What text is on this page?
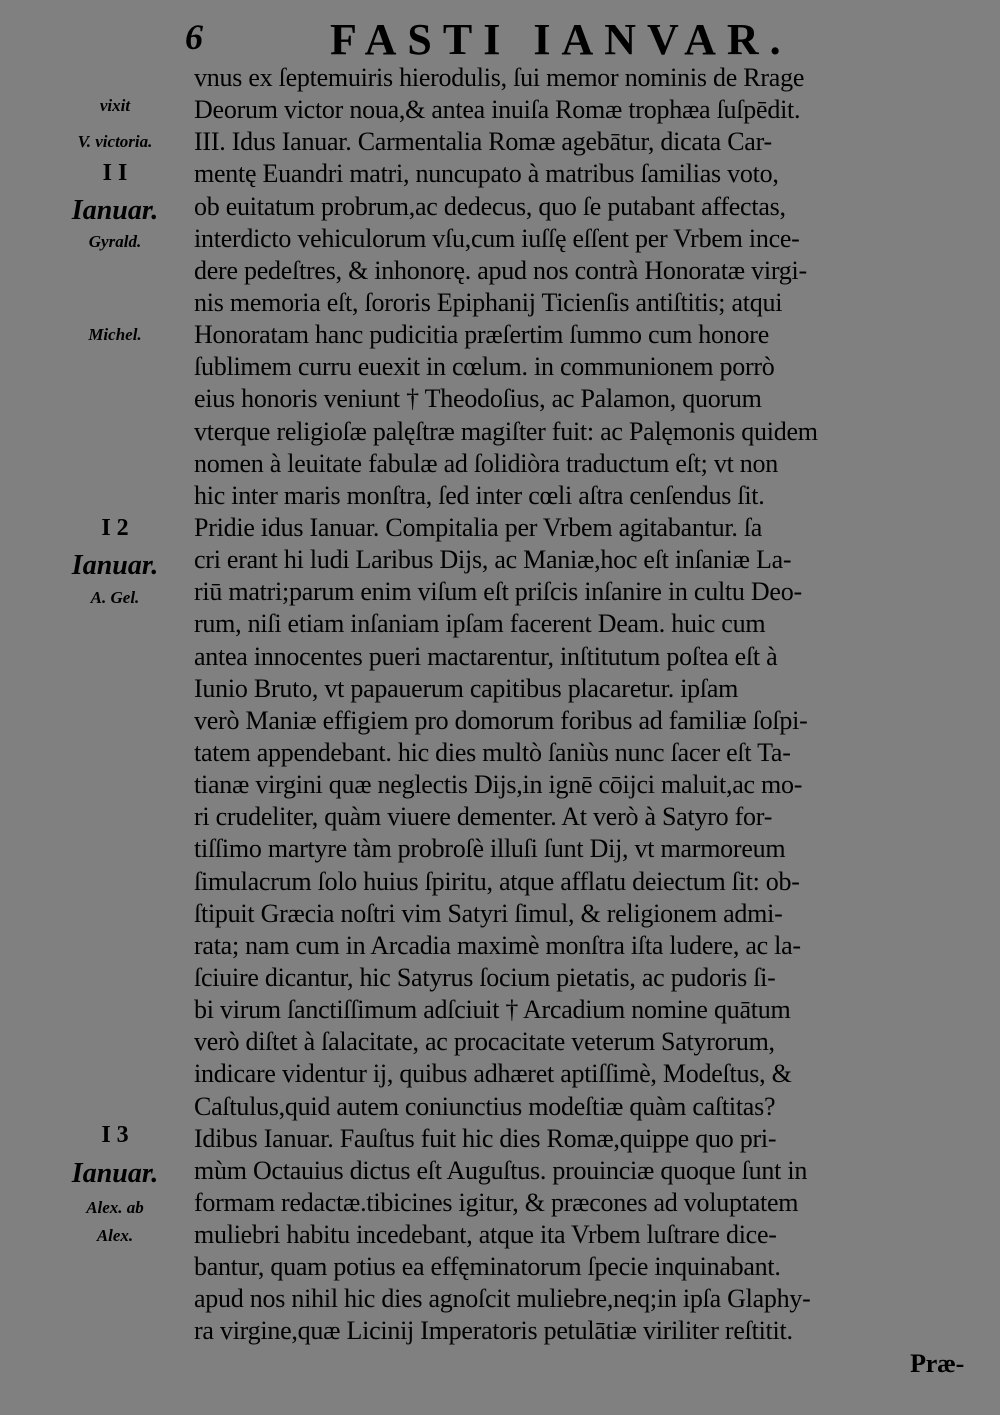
6	FASTI IANVAR.
vixit
V. victoria.
I I
Ianuar.
Gyrald.
Michel.
I 2
Ianuar.
A. Gel.
I 3
Ianuar.
Alex. ab
Alex.
vnus ex ſeptemuiris hierodulis, ſui memor nominis de Rrage
Deorum victor noua,& antea inuiſa Romæ trophæa ſuſpēdit.
III. Idus Ianuar. Carmentalia Romæ agebātur, dicata Car-
mentę Euandri matri, nuncupato à matribus ſamilias voto,
ob euitatum probrum,ac dedecus, quo ſe putabant affectas,
interdicto vehiculorum vſu,cum iuſſę eſſent per Vrbem ince-
dere pedeſtres, & inhonorę. apud nos contrà Honoratæ virgi-
nis memoria eſt, ſororis Epiphanij Ticienſis antiſtitis; atqui
Honoratam hanc pudicitia præſertim ſummo cum honore
ſublimem curru euexit in cœlum. in communionem porrò
eius honoris veniunt † Theodoſius, ac Palamon, quorum
vterque religioſæ palęſtræ magiſter fuit: ac Palęmonis quidem
nomen à leuitate fabulæ ad ſolidiòra traductum eſt; vt non
hic inter maris monſtra, ſed inter cœli aſtra cenſendus ſit.
Pridie idus Ianuar. Compitalia per Vrbem agitabantur. ſa
cri erant hi ludi Laribus Dijs, ac Maniæ,hoc eſt inſaniæ La-
riū matri;parum enim viſum eſt priſcis inſanire in cultu Deo-
rum, niſi etiam inſaniam ipſam facerent Deam. huic cum
antea innocentes pueri mactarentur, inſtitutum poſtea eſt à
Iunio Bruto, vt papauerum capitibus placaretur. ipſam
verò Maniæ effigiem pro domorum foribus ad familiæ ſoſpi-
tatem appendebant. hic dies multò ſaniùs nunc ſacer eſt Ta-
tianæ virgini quæ neglectis Dijs,in ignē cōijci maluit,ac mo-
ri crudeliter, quàm viuere dementer. At verò à Satyro for-
tiſſimo martyre tàm probroſè illuſi ſunt Dij, vt marmoreum
ſimulacrum ſolo huius ſpiritu, atque afflatu deiectum ſit: ob-
ſtipuit Græcia noſtri vim Satyri ſimul, & religionem admi-
rata; nam cum in Arcadia maximè monſtra iſta ludere, ac la-
ſciuire dicantur, hic Satyrus ſocium pietatis, ac pudoris ſi-
bi virum ſanctiſſimum adſciuit † Arcadium nomine quātum
verò diſtet à ſalacitate, ac procacitate veterum Satyrorum,
indicare videntur ij, quibus adhæret aptiſſimè, Modeſtus, &
Caſtulus,quid autem coniunctius modeſtiæ quàm caſtitas?
Idibus Ianuar. Fauſtus fuit hic dies Romæ,quippe quo pri-
mùm Octauius dictus eſt Auguſtus. prouinciæ quoque ſunt in
formam redactæ.tibicines igitur, & præcones ad voluptatem
muliebri habitu incedebant, atque ita Vrbem luſtrare dice-
bantur, quam potius ea effęminatorum ſpecie inquinabant.
apud nos nihil hic dies agnoſcit muliebre,neq;in ipſa Glaphy-
ra virgine,quæ Licinij Imperatoris petulātiæ viriliter reſtitit.
Præ-
